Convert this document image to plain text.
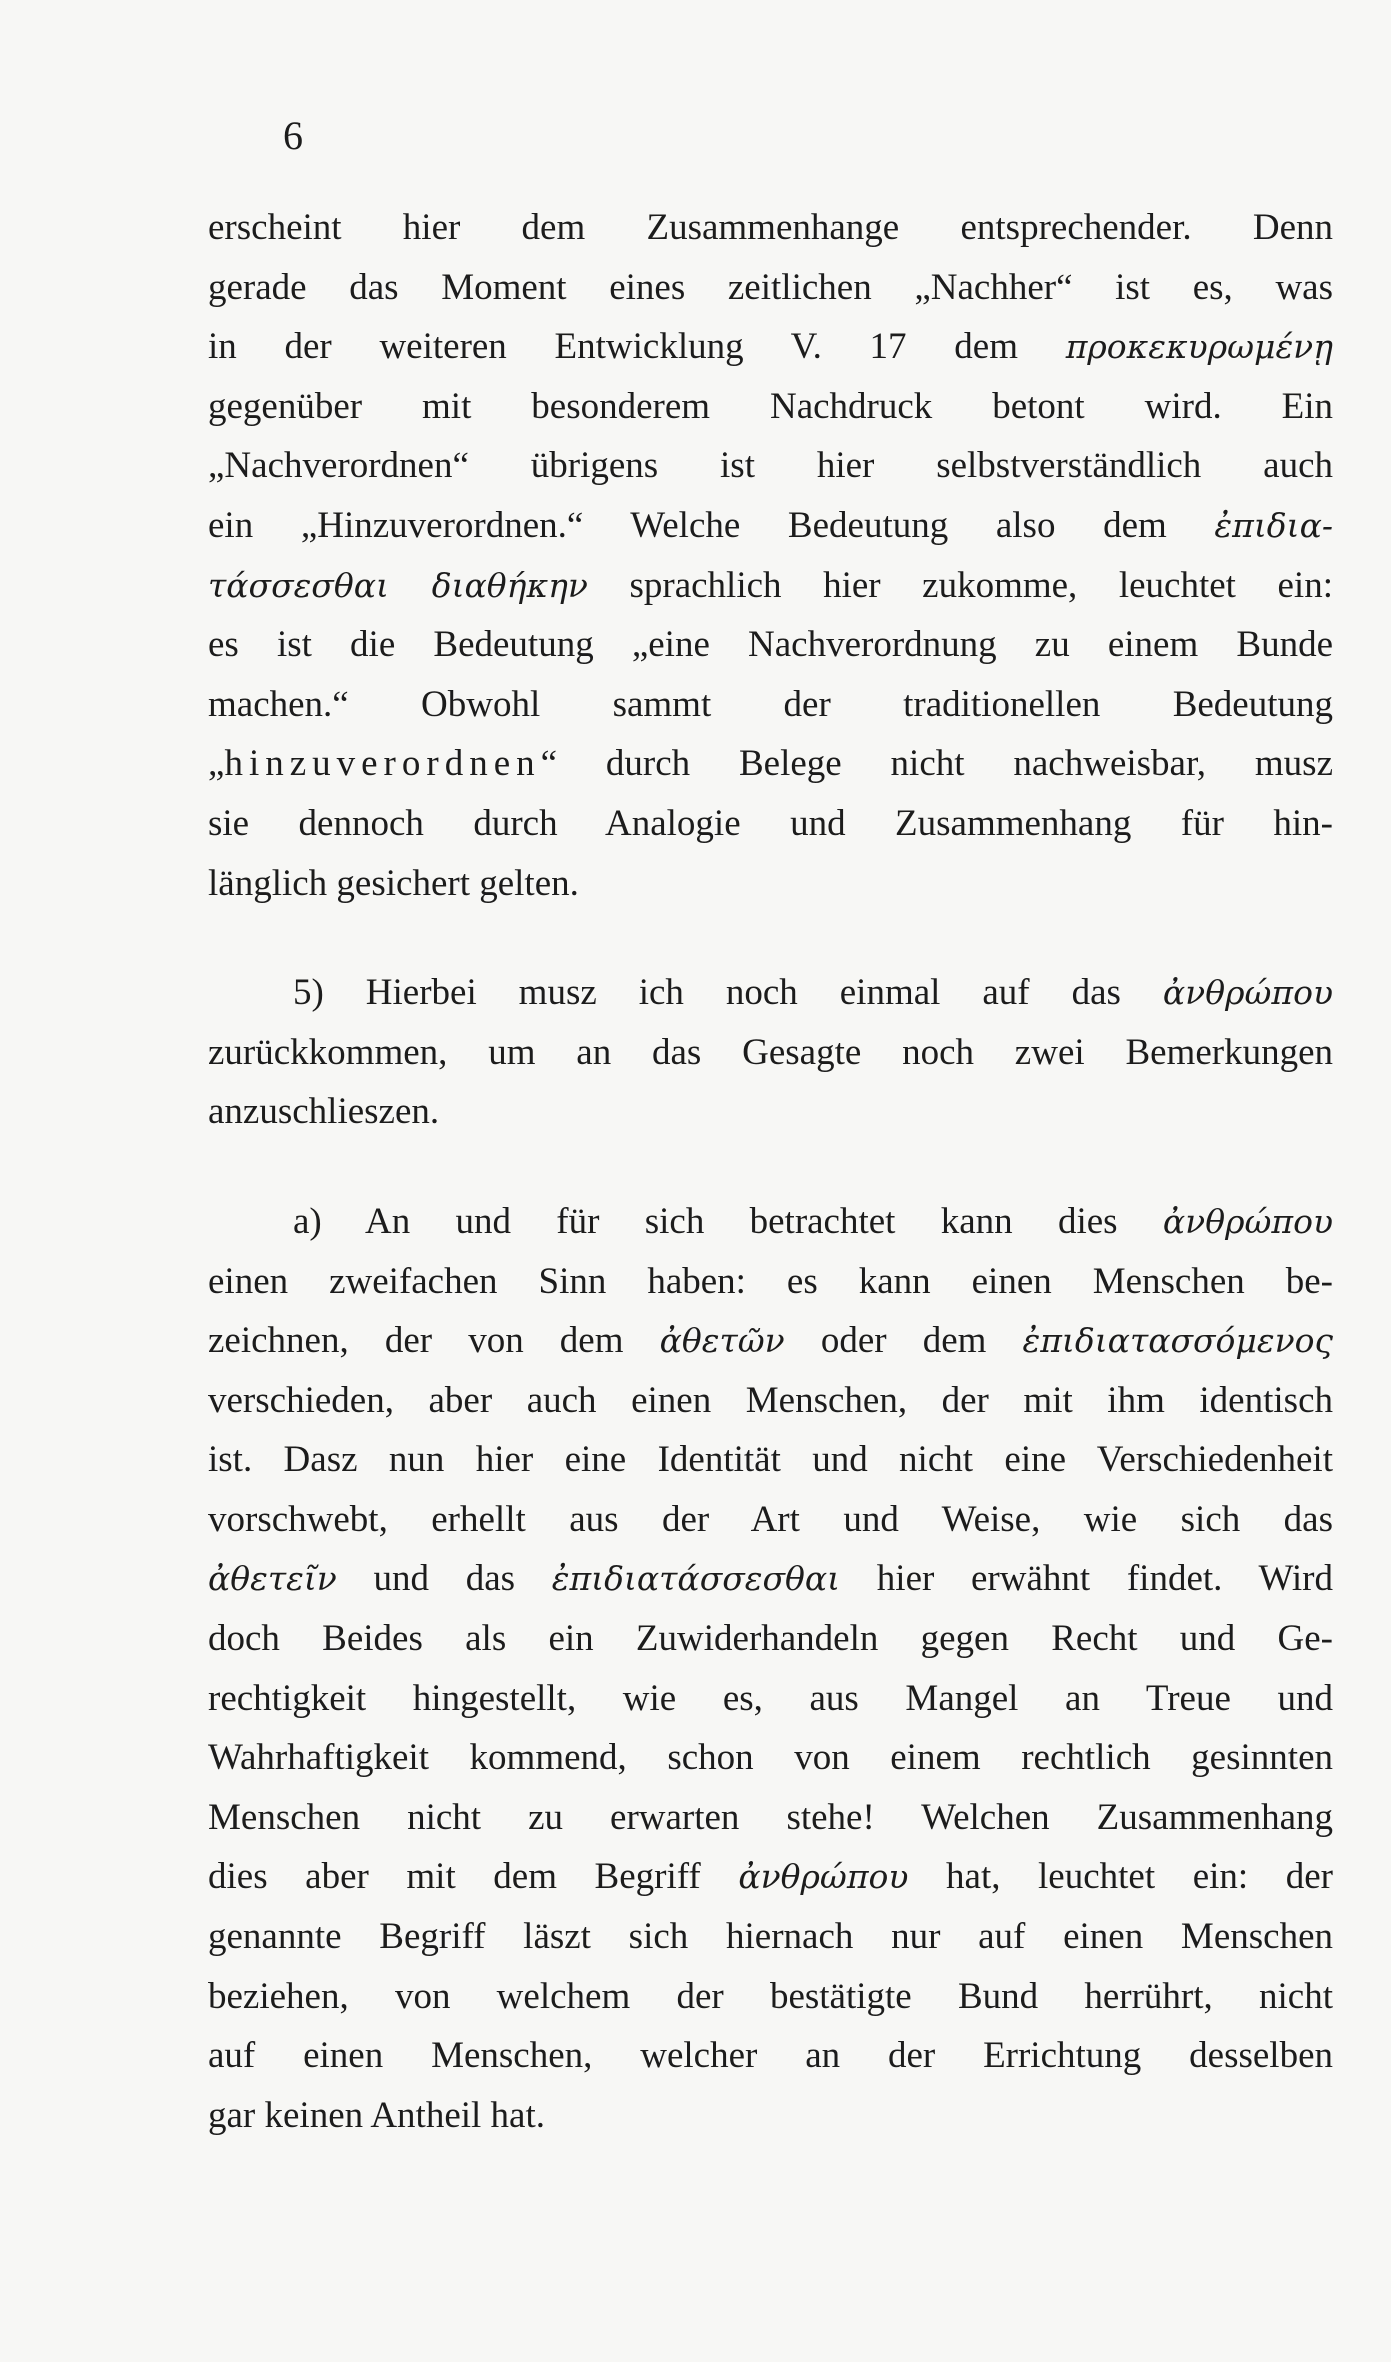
6
erscheint hier dem Zusammenhange entsprechender. Denn
gerade das Moment eines zeitlichen „Nachher“ ist es, was
in der weiteren Entwicklung V. 17 dem προκεκυρωμένῃ
gegenüber mit besonderem Nachdruck betont wird. Ein
„Nachverordnen“ übrigens ist hier selbstverständlich auch
ein „Hinzuverordnen.“ Welche Bedeutung also dem ἐπιδια-
τάσσεσθαι διαθήκην sprachlich hier zukomme, leuchtet ein:
es ist die Bedeutung „eine Nachverordnung zu einem Bunde
machen.“ Obwohl sammt der traditionellen Bedeutung
„hinzuverordnen“ durch Belege nicht nachweisbar, musz
sie dennoch durch Analogie und Zusammenhang für hin-
länglich gesichert gelten.
5) Hierbei musz ich noch einmal auf das ἀνθρώπου
zurückkommen, um an das Gesagte noch zwei Bemerkungen
anzuschlieszen.
a) An und für sich betrachtet kann dies ἀνθρώπου
einen zweifachen Sinn haben: es kann einen Menschen be-
zeichnen, der von dem ἀθετῶν oder dem ἐπιδιατασσόμενος
verschieden, aber auch einen Menschen, der mit ihm identisch
ist. Dasz nun hier eine Identität und nicht eine Verschiedenheit
vorschwebt, erhellt aus der Art und Weise, wie sich das
ἀθετεῖν und das ἐπιδιατάσσεσθαι hier erwähnt findet. Wird
doch Beides als ein Zuwiderhandeln gegen Recht und Ge-
rechtigkeit hingestellt, wie es, aus Mangel an Treue und
Wahrhaftigkeit kommend, schon von einem rechtlich gesinnten
Menschen nicht zu erwarten stehe! Welchen Zusammenhang
dies aber mit dem Begriff ἀνθρώπου hat, leuchtet ein: der
genannte Begriff läszt sich hiernach nur auf einen Menschen
beziehen, von welchem der bestätigte Bund herrührt, nicht
auf einen Menschen, welcher an der Errichtung desselben
gar keinen Antheil hat.
